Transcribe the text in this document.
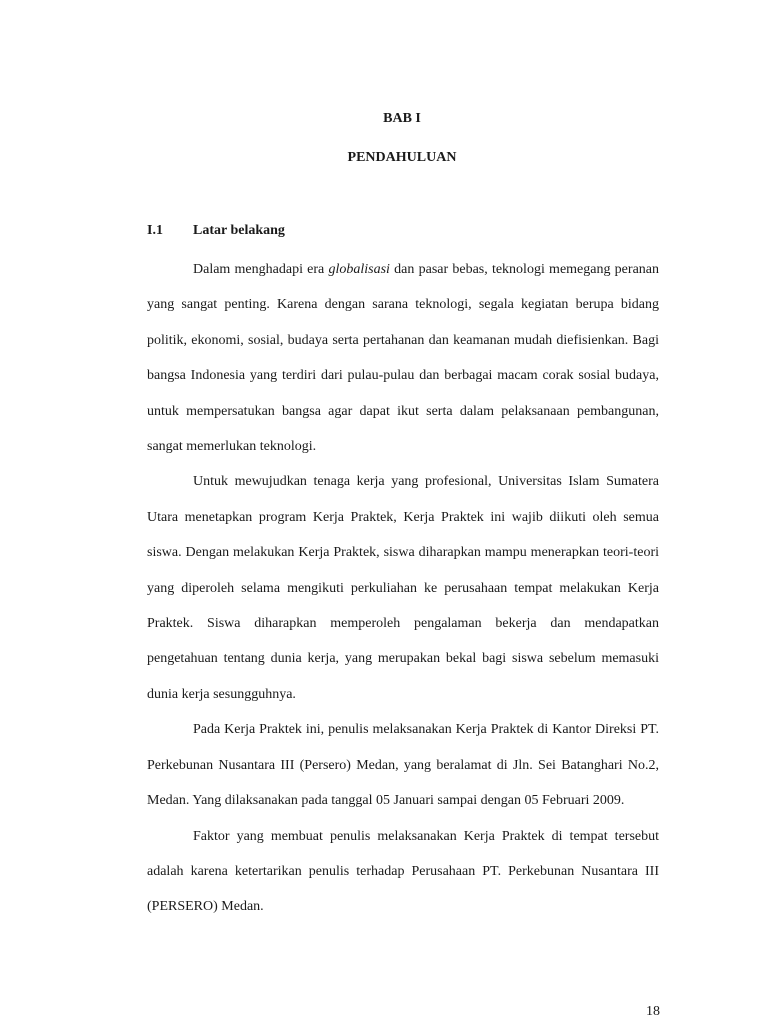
BAB I
PENDAHULUAN
I.1	Latar belakang

Dalam menghadapi era globalisasi dan pasar bebas, teknologi memegang peranan yang sangat penting. Karena dengan sarana teknologi, segala kegiatan berupa bidang politik, ekonomi, sosial, budaya serta pertahanan dan keamanan mudah diefisienkan. Bagi bangsa Indonesia yang terdiri dari pulau-pulau dan berbagai macam corak sosial budaya, untuk mempersatukan bangsa agar dapat ikut serta dalam pelaksanaan pembangunan, sangat memerlukan teknologi.

Untuk mewujudkan tenaga kerja yang profesional, Universitas Islam Sumatera Utara menetapkan program Kerja Praktek, Kerja Praktek ini wajib diikuti oleh semua siswa. Dengan melakukan Kerja Praktek, siswa diharapkan mampu menerapkan teori-teori yang diperoleh selama mengikuti perkuliahan ke perusahaan tempat melakukan Kerja Praktek. Siswa diharapkan memperoleh pengalaman bekerja dan mendapatkan pengetahuan tentang dunia kerja, yang merupakan bekal bagi siswa sebelum memasuki dunia kerja sesungguhnya.

Pada Kerja Praktek ini, penulis melaksanakan Kerja Praktek di Kantor Direksi PT. Perkebunan Nusantara III (Persero) Medan, yang beralamat di Jln. Sei Batanghari No.2, Medan. Yang dilaksanakan pada tanggal 05 Januari sampai dengan 05 Februari 2009.

Faktor yang membuat penulis melaksanakan Kerja Praktek di tempat tersebut adalah karena ketertarikan penulis terhadap Perusahaan PT. Perkebunan Nusantara III (PERSERO) Medan.

18
